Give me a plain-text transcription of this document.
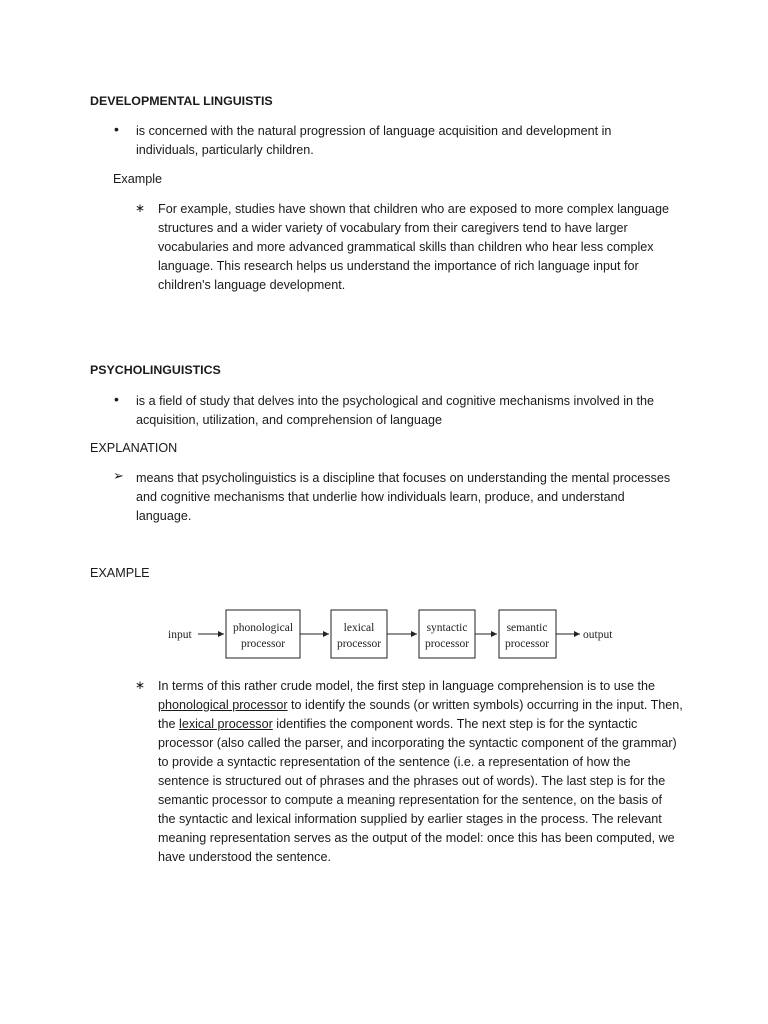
DEVELOPMENTAL LINGUISTIS
• is concerned with the natural progression of language acquisition and development in individuals, particularly children.
Example
∗ For example, studies have shown that children who are exposed to more complex language structures and a wider variety of vocabulary from their caregivers tend to have larger vocabularies and more advanced grammatical skills than children who hear less complex language. This research helps us understand the importance of rich language input for children's language development.
PSYCHOLINGUISTICS
• is a field of study that delves into the psychological and cognitive mechanisms involved in the acquisition, utilization, and comprehension of language
EXPLANATION
➢ means that psycholinguistics is a discipline that focuses on understanding the mental processes and cognitive mechanisms that underlie how individuals learn, produce, and understand language.
EXAMPLE
input
phonological
processor
lexical
processor
syntactic
processor
semantic
processor
output
∗ In terms of this rather crude model, the first step in language comprehension is to use the phonological processor to identify the sounds (or written symbols) occurring in the input. Then, the lexical processor identifies the component words. The next step is for the syntactic processor (also called the parser, and incorporating the syntactic component of the grammar) to provide a syntactic representation of the sentence (i.e. a representation of how the sentence is structured out of phrases and the phrases out of words). The last step is for the semantic processor to compute a meaning representation for the sentence, on the basis of the syntactic and lexical information supplied by earlier stages in the process. The relevant meaning representation serves as the output of the model: once this has been computed, we have understood the sentence.
